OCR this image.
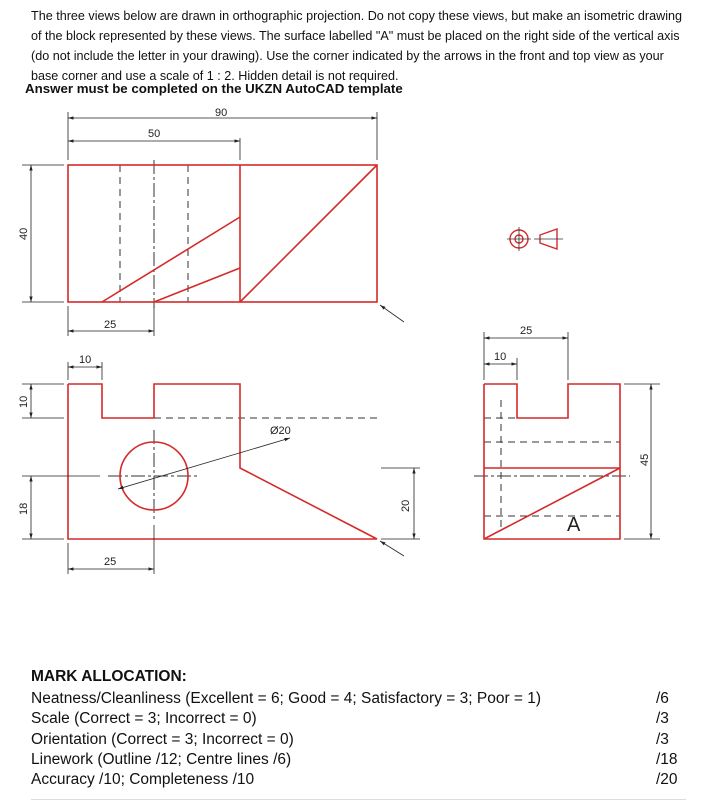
The three views below are drawn in orthographic projection. Do not copy these views, but make an isometric drawing of the block represented by these views. The surface labelled "A" must be placed on the right side of the vertical axis (do not include the letter in your drawing). Use the corner indicated by the arrows in the front and top view as your base corner and use a scale of 1 : 2. Hidden detail is not required.

Answer must be completed on the UKZN AutoCAD template

90
50
40
25
10
10
Ø20
18
25
20
25
10
45
A

MARK ALLOCATION:

Neatness/Cleanliness (Excellent = 6; Good = 4; Satisfactory = 3; Poor = 1)	/6
Scale (Correct = 3; Incorrect = 0)	/3
Orientation (Correct = 3; Incorrect = 0)	/3
Linework (Outline /12; Centre lines /6)	/18
Accuracy /10; Completeness /10	/20
